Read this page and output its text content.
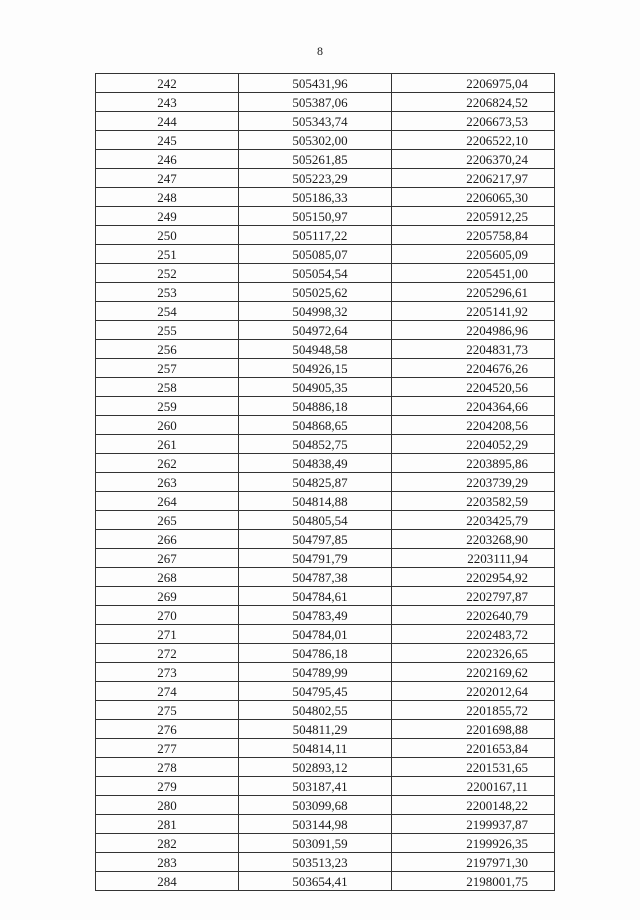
8
242	505431,96	2206975,04
243	505387,06	2206824,52
244	505343,74	2206673,53
245	505302,00	2206522,10
246	505261,85	2206370,24
247	505223,29	2206217,97
248	505186,33	2206065,30
249	505150,97	2205912,25
250	505117,22	2205758,84
251	505085,07	2205605,09
252	505054,54	2205451,00
253	505025,62	2205296,61
254	504998,32	2205141,92
255	504972,64	2204986,96
256	504948,58	2204831,73
257	504926,15	2204676,26
258	504905,35	2204520,56
259	504886,18	2204364,66
260	504868,65	2204208,56
261	504852,75	2204052,29
262	504838,49	2203895,86
263	504825,87	2203739,29
264	504814,88	2203582,59
265	504805,54	2203425,79
266	504797,85	2203268,90
267	504791,79	2203111,94
268	504787,38	2202954,92
269	504784,61	2202797,87
270	504783,49	2202640,79
271	504784,01	2202483,72
272	504786,18	2202326,65
273	504789,99	2202169,62
274	504795,45	2202012,64
275	504802,55	2201855,72
276	504811,29	2201698,88
277	504814,11	2201653,84
278	502893,12	2201531,65
279	503187,41	2200167,11
280	503099,68	2200148,22
281	503144,98	2199937,87
282	503091,59	2199926,35
283	503513,23	2197971,30
284	503654,41	2198001,75
